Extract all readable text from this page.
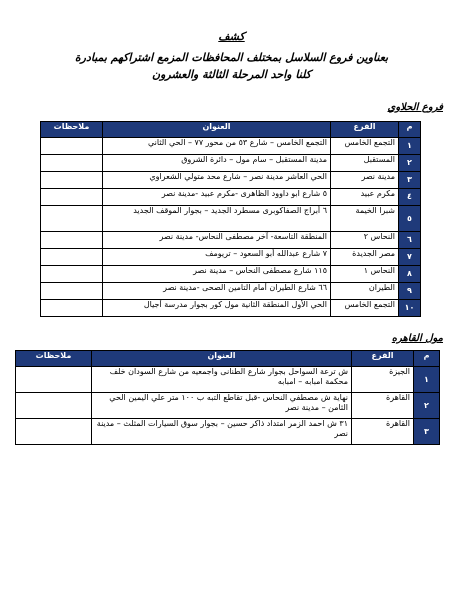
كشف
بعناوين فروع السلاسل بمختلف المحافظات المزمع اشتراكهم بمبادرة
كلنا واحد المرحلة الثالثة والعشرون
فروع الحلاوي
م	الفرع	العنوان	ملاحظات
١	التجمع الخامس	التجمع الخامس – شارع ٥٣ من محور ٧٧ – الحي الثاني	
٢	المستقبل	مدينة المستقبل – سام مول – دائرة الشروق	
٣	مدينة نصر	الحي العاشر مدينة نصر – شارع محد متولي الشعراوي	
٤	مكرم عبيد	٥ شارع ابو داوود الظاهرى -مكرم عبيد -مدينة نصر	
٥	شبرا الخيمة	٦ أبراج الصفاكوبرى مسطرد الجديد – بجوار الموقف الجديد	
٦	النحاس ٢	المنطقة التاسعة- آخر مصطفى النحاس- مدينة نصر	
٧	مصر الجديدة	٧ شارع عبدالله أبو السعود – تريومف	
٨	النحاس ١	١١٥ شارع مصطفى النحاس – مدينة نصر	
٩	الطيران	٦٦ شارع الطيران أمام التامين الصحى -مدينة نصر	
١٠	التجمع الخامس	الحي الأول المنطقة الثانية مول كور بجوار مدرسة أجيال	
مول القاهره
م	الفرع	العنوان	ملاحظات
١	الجيزة	ش ترعة السواحل بجوار شارع الطنانى واجمعيه من شارع السودان خلف محكمة امبابه – امبابه	
٢	القاهرة	نهاية ش مصطفي النحاس -قبل تقاطع التبه ب ١٠٠ متر علي اليمين الحي الثامن – مدينة نصر	
٣	القاهرة	٣١ ش احمد الزمر امتداد ذاكر حسين – بجوار سوق السيارات المثلث – مدينة نصر	
